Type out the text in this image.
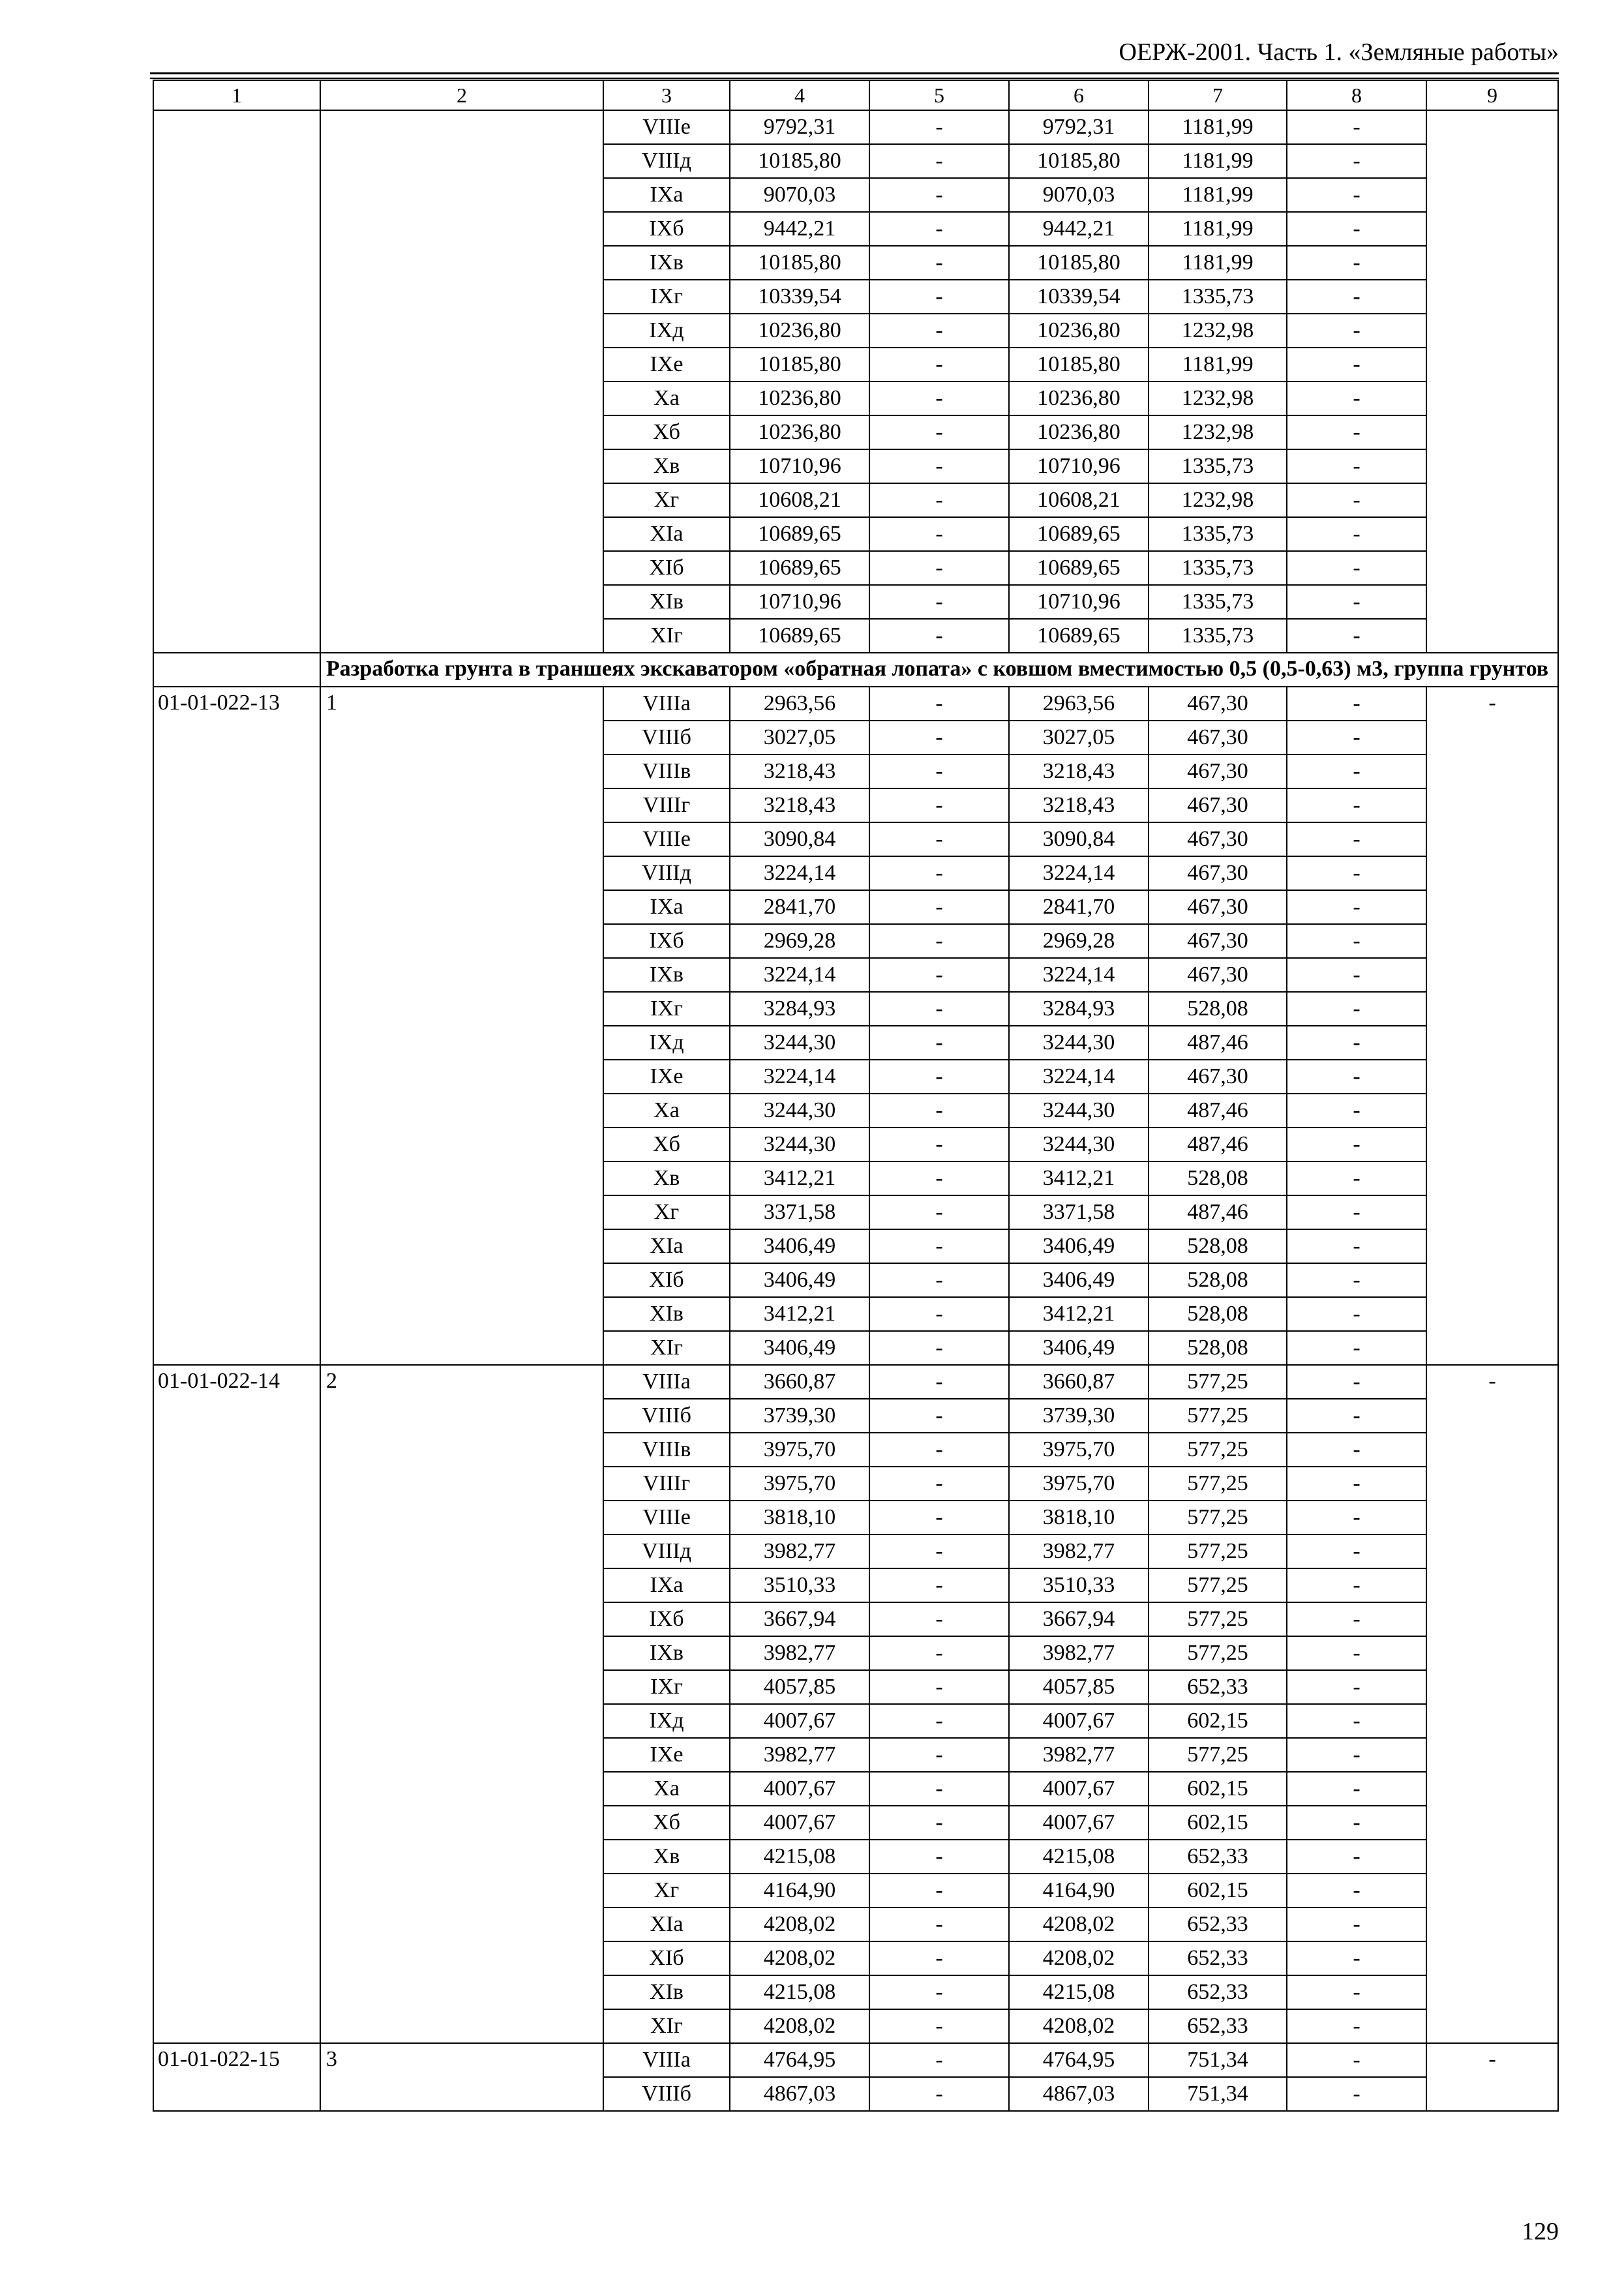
ОЕРЖ-2001. Часть 1. «Земляные работы»
1	2	3	4	5	6	7	8	9
		VIIIе	9792,31	-	9792,31	1181,99	-	
		VIIIд	10185,80	-	10185,80	1181,99	-	
		IXа	9070,03	-	9070,03	1181,99	-	
		IXб	9442,21	-	9442,21	1181,99	-	
		IXв	10185,80	-	10185,80	1181,99	-	
		IXг	10339,54	-	10339,54	1335,73	-	
		IXд	10236,80	-	10236,80	1232,98	-	
		IXе	10185,80	-	10185,80	1181,99	-	
		Xа	10236,80	-	10236,80	1232,98	-	
		Xб	10236,80	-	10236,80	1232,98	-	
		Xв	10710,96	-	10710,96	1335,73	-	
		Xг	10608,21	-	10608,21	1232,98	-	
		XIа	10689,65	-	10689,65	1335,73	-	
		XIб	10689,65	-	10689,65	1335,73	-	
		XIв	10710,96	-	10710,96	1335,73	-	
		XIг	10689,65	-	10689,65	1335,73	-	
	Разработка грунта в траншеях экскаватором «обратная лопата» с ковшом вместимостью 0,5 (0,5-0,63) м3, группа грунтов							
01-01-022-13	1	VIIIа	2963,56	-	2963,56	467,30	-	-
		VIIIб	3027,05	-	3027,05	467,30	-	
		VIIIв	3218,43	-	3218,43	467,30	-	
		VIIIг	3218,43	-	3218,43	467,30	-	
		VIIIе	3090,84	-	3090,84	467,30	-	
		VIIIд	3224,14	-	3224,14	467,30	-	
		IXа	2841,70	-	2841,70	467,30	-	
		IXб	2969,28	-	2969,28	467,30	-	
		IXв	3224,14	-	3224,14	467,30	-	
		IXг	3284,93	-	3284,93	528,08	-	
		IXд	3244,30	-	3244,30	487,46	-	
		IXе	3224,14	-	3224,14	467,30	-	
		Xа	3244,30	-	3244,30	487,46	-	
		Xб	3244,30	-	3244,30	487,46	-	
		Xв	3412,21	-	3412,21	528,08	-	
		Xг	3371,58	-	3371,58	487,46	-	
		XIа	3406,49	-	3406,49	528,08	-	
		XIб	3406,49	-	3406,49	528,08	-	
		XIв	3412,21	-	3412,21	528,08	-	
		XIг	3406,49	-	3406,49	528,08	-	
01-01-022-14	2	VIIIа	3660,87	-	3660,87	577,25	-	-
		VIIIб	3739,30	-	3739,30	577,25	-	
		VIIIв	3975,70	-	3975,70	577,25	-	
		VIIIг	3975,70	-	3975,70	577,25	-	
		VIIIе	3818,10	-	3818,10	577,25	-	
		VIIIд	3982,77	-	3982,77	577,25	-	
		IXа	3510,33	-	3510,33	577,25	-	
		IXб	3667,94	-	3667,94	577,25	-	
		IXв	3982,77	-	3982,77	577,25	-	
		IXг	4057,85	-	4057,85	652,33	-	
		IXд	4007,67	-	4007,67	602,15	-	
		IXе	3982,77	-	3982,77	577,25	-	
		Xа	4007,67	-	4007,67	602,15	-	
		Xб	4007,67	-	4007,67	602,15	-	
		Xв	4215,08	-	4215,08	652,33	-	
		Xг	4164,90	-	4164,90	602,15	-	
		XIа	4208,02	-	4208,02	652,33	-	
		XIб	4208,02	-	4208,02	652,33	-	
		XIв	4215,08	-	4215,08	652,33	-	
		XIг	4208,02	-	4208,02	652,33	-	
01-01-022-15	3	VIIIа	4764,95	-	4764,95	751,34	-	-
		VIIIб	4867,03	-	4867,03	751,34	-	
129
